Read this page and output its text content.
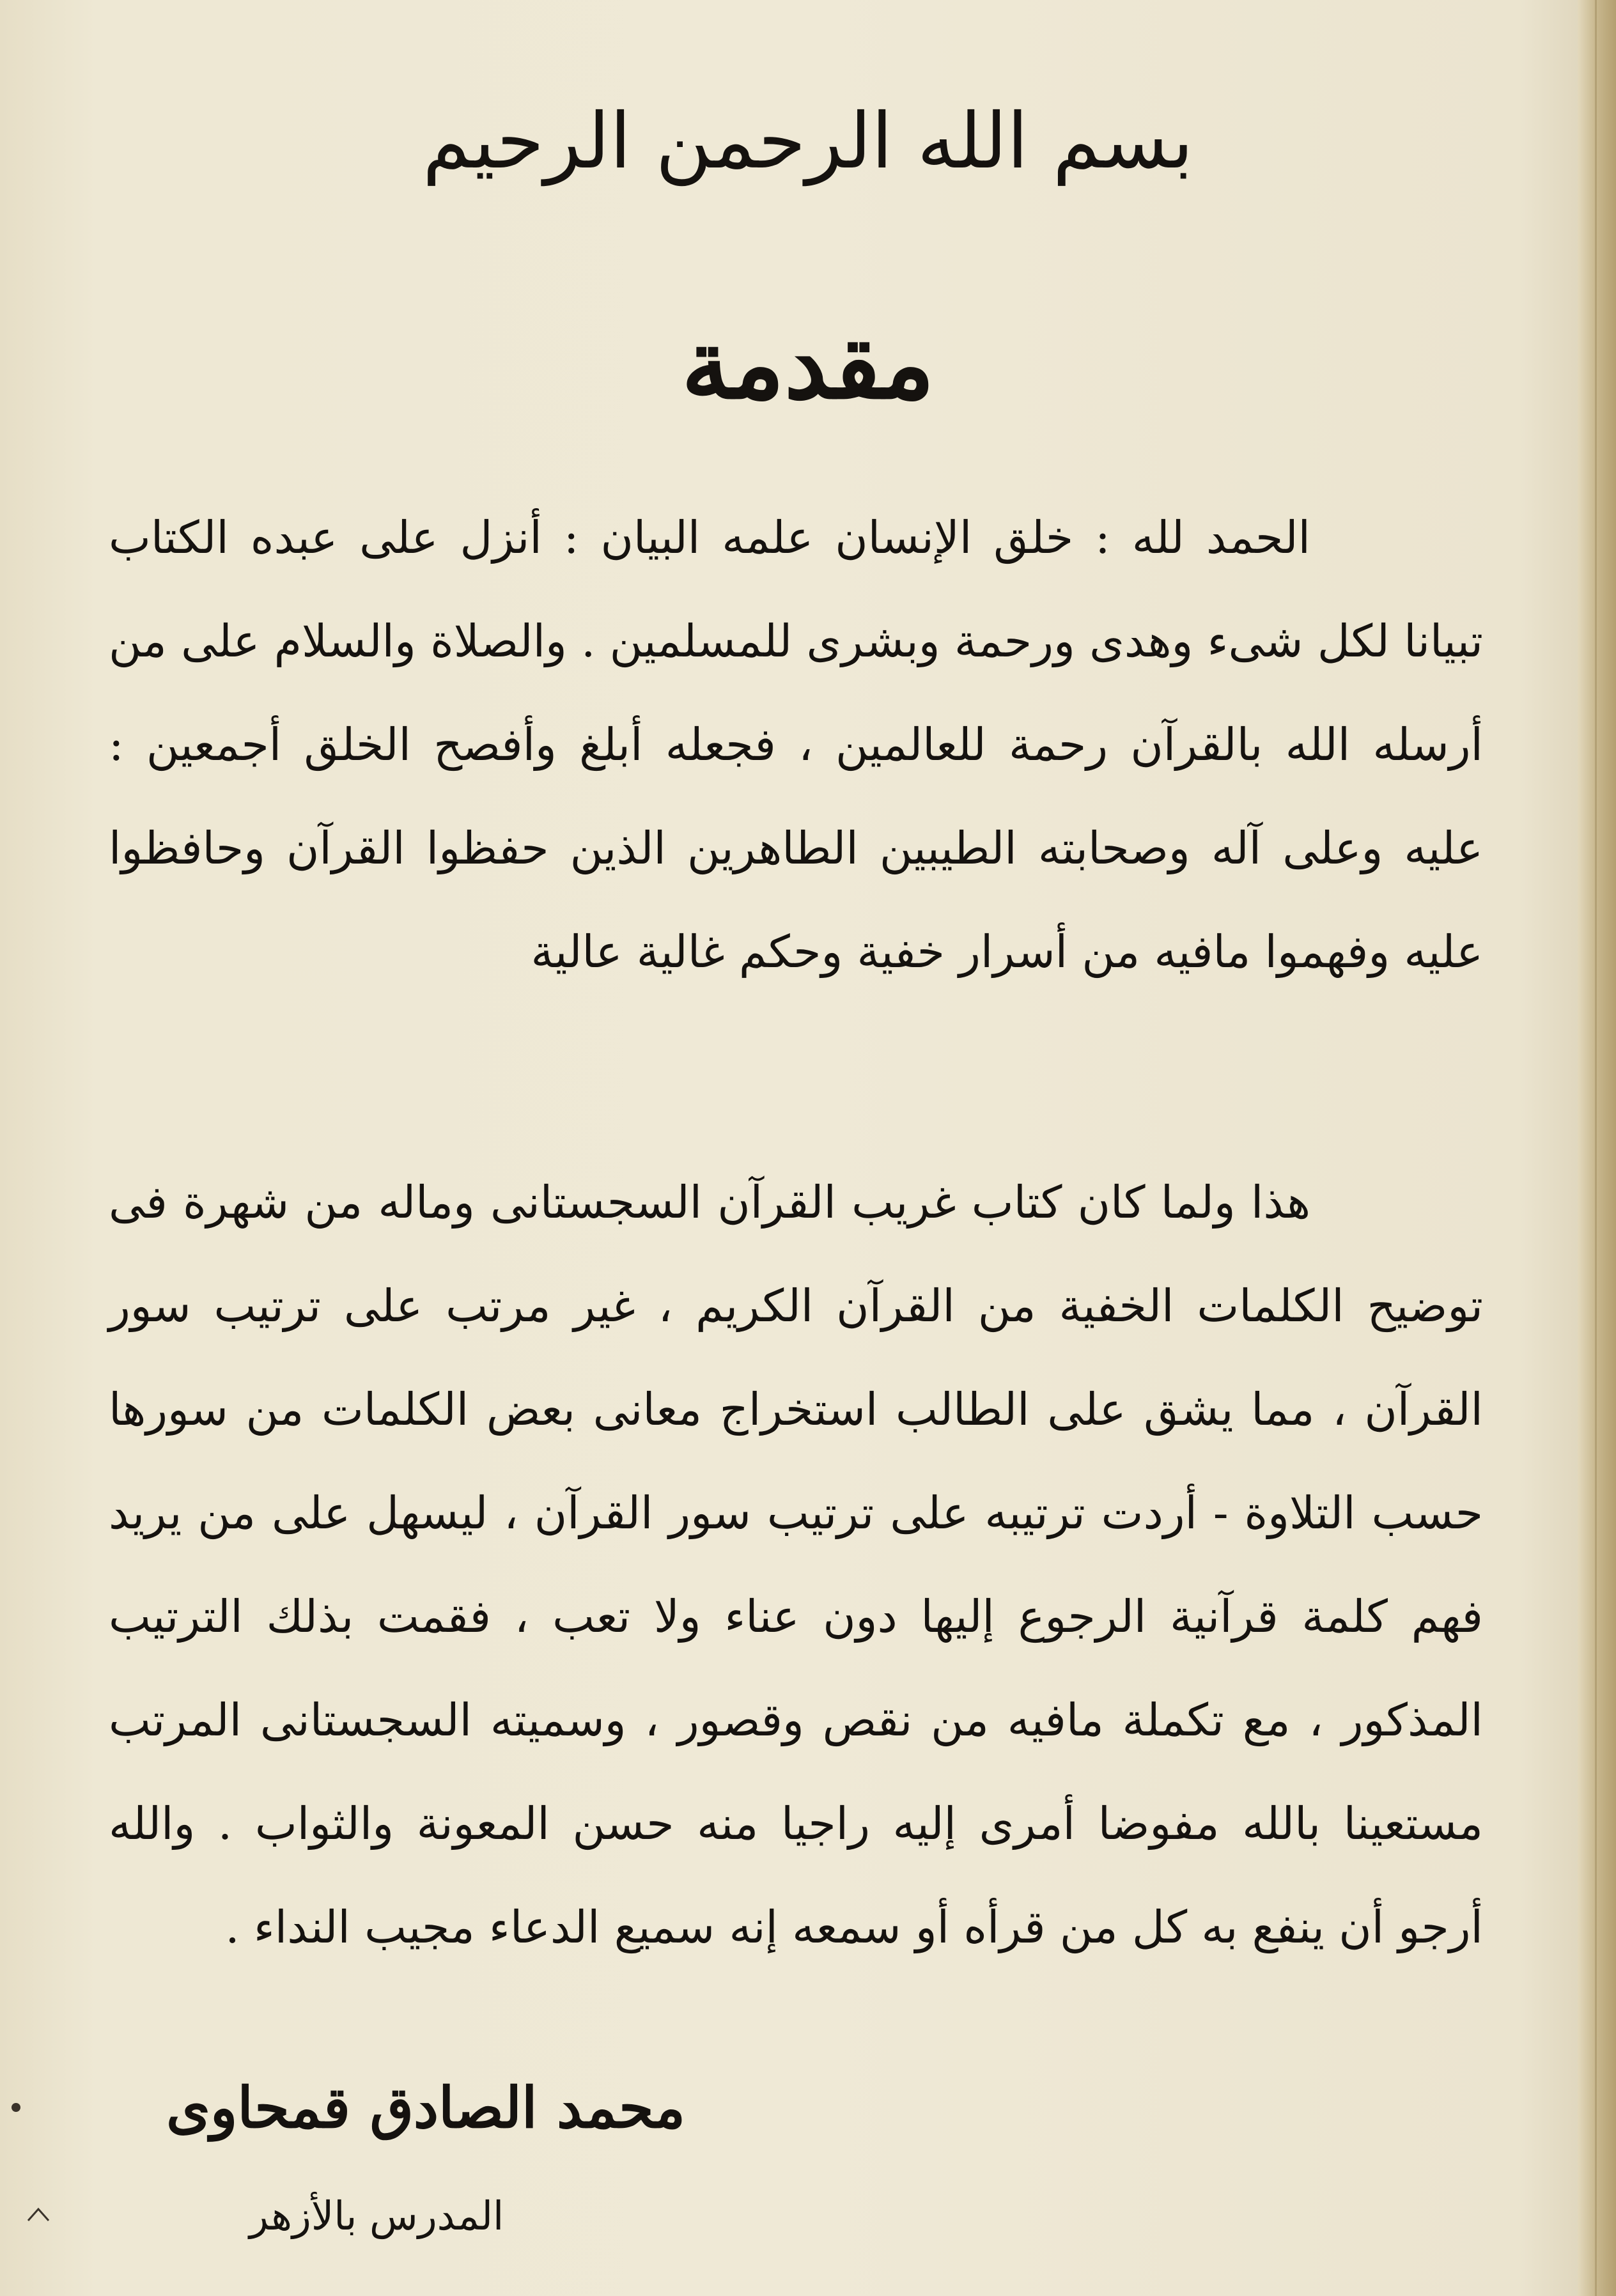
بسم الله الرحمن الرحيم
مقدمة
الحمد لله : خلق الإنسان علمه البيان : أنزل على عبده الكتاب تبيانا لكل شىء وهدى ورحمة وبشرى للمسلمين . والصلاة والسلام على من أرسله الله بالقرآن رحمة للعالمين ، فجعله أبلغ وأفصح الخلق أجمعين : عليه وعلى آله وصحابته الطيبين الطاهرين الذين حفظوا القرآن وحافظوا عليه وفهموا مافيه من أسرار خفية وحكم غالية عالية
هذا ولما كان كتاب غريب القرآن السجستانى وماله من شهرة فى توضيح الكلمات الخفية من القرآن الكريم ، غير مرتب على ترتيب سور القرآن ، مما يشق على الطالب استخراج معانى بعض الكلمات من سورها حسب التلاوة - أردت ترتيبه على ترتيب سور القرآن ، ليسهل على من يريد فهم كلمة قرآنية الرجوع إليها دون عناء ولا تعب ، فقمت بذلك الترتيب المذكور ، مع تكملة مافيه من نقص وقصور ، وسميته السجستانى المرتب مستعينا بالله مفوضا أمرى إليه راجيا منه حسن المعونة والثواب . والله أرجو أن ينفع به كل من قرأه أو سمعه إنه سميع الدعاء مجيب النداء .
محمد الصادق قمحاوى
المدرس بالأزهر
